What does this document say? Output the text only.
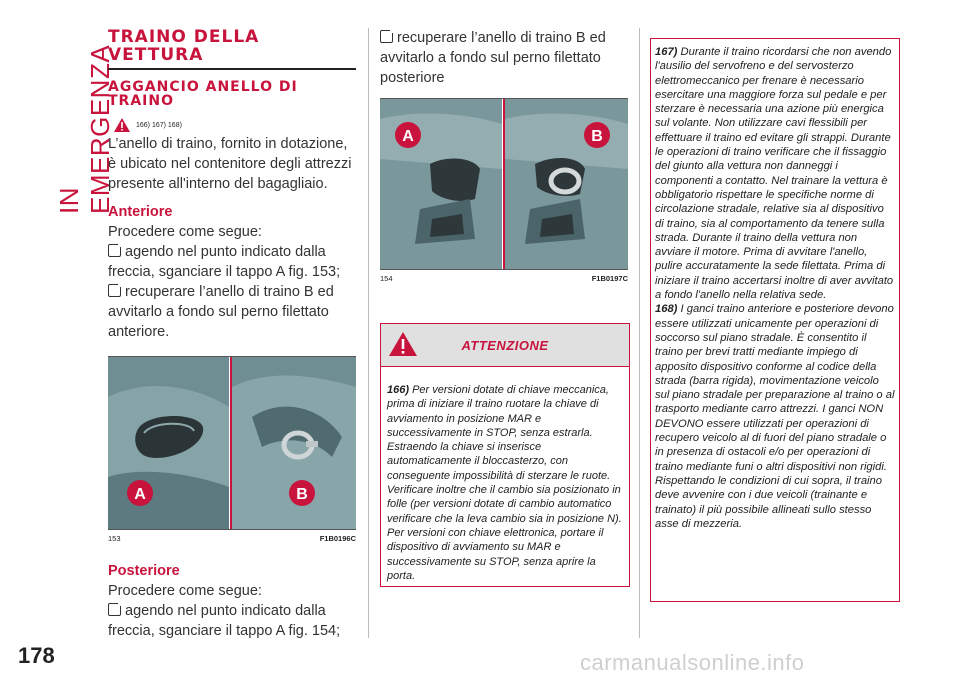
IN EMERGENZA
178
TRAINO DELLA VETTURA
AGGANCIO ANELLO DI TRAINO
166) 167) 168)
L’anello di traino, fornito in dotazione, è ubicato nel contenitore degli attrezzi presente all'interno del bagagliaio.
Anteriore
Procedere come segue:
agendo nel punto indicato dalla freccia, sganciare il tappo A fig. 153;
recuperare l’anello di traino B ed avvitarlo a fondo sul perno filettato anteriore.
A	B
153	F1B0196C
Posteriore
Procedere come segue:
agendo nel punto indicato dalla freccia, sganciare il tappo A fig. 154;
recuperare l’anello di traino B ed avvitarlo a fondo sul perno filettato posteriore
A	B
154	F1B0197C
ATTENZIONE
166) Per versioni dotate di chiave meccanica, prima di iniziare il traino ruotare la chiave di avviamento in posizione MAR e successivamente in STOP, senza estrarla. Estraendo la chiave si inserisce automaticamente il bloccasterzo, con conseguente impossibilità di sterzare le ruote. Verificare inoltre che il cambio sia posizionato in folle (per versioni dotate di cambio automatico verificare che la leva cambio sia in posizione N). Per versioni con chiave elettronica, portare il dispositivo di avviamento su MAR e successivamente su STOP, senza aprire la porta.
167) Durante il traino ricordarsi che non avendo l'ausilio del servofreno e del servosterzo elettromeccanico per frenare è necessario esercitare una maggiore forza sul pedale e per sterzare è necessaria una azione più energica sul volante. Non utilizzare cavi flessibili per effettuare il traino ed evitare gli strappi. Durante le operazioni di traino verificare che il fissaggio del giunto alla vettura non danneggi i componenti a contatto. Nel trainare la vettura è obbligatorio rispettare le specifiche norme di circolazione stradale, relative sia al dispositivo di traino, sia al comportamento da tenere sulla strada. Durante il traino della vettura non avviare il motore. Prima di avvitare l'anello, pulire accuratamente la sede filettata. Prima di iniziare il traino accertarsi inoltre di aver avvitato a fondo l'anello nella relativa sede.
168) I ganci traino anteriore e posteriore devono essere utilizzati unicamente per operazioni di soccorso sul piano stradale. È consentito il traino per brevi tratti mediante impiego di apposito dispositivo conforme al codice della strada (barra rigida), movimentazione veicolo sul piano stradale per preparazione al traino o al trasporto mediante carro attrezzi. I ganci NON DEVONO essere utilizzati per operazioni di recupero veicolo al di fuori del piano stradale o in presenza di ostacoli e/o per operazioni di traino mediante funi o altri dispositivi non rigidi. Rispettando le condizioni di cui sopra, il traino deve avvenire con i due veicoli (trainante e trainato) il più possibile allineati sullo stesso asse di mezzeria.
carmanualsonline.info
